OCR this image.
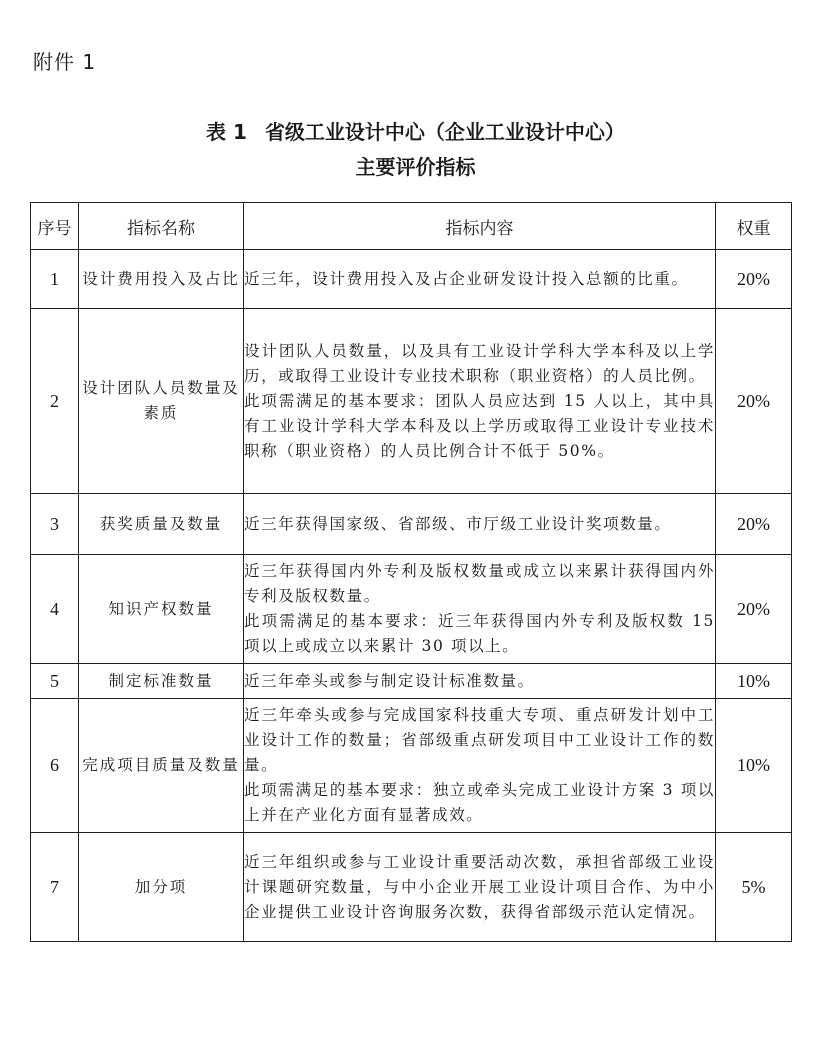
附件 1
表 1 省级工业设计中心（企业工业设计中心）
主要评价指标
序号	指标名称	指标内容	权重
1	设计费用投入及占比	近三年，设计费用投入及占企业研发设计投入总额的比重。	20%
2	设计团队人员数量及素质	设计团队人员数量，以及具有工业设计学科大学本科及以上学历，或取得工业设计专业技术职称（职业资格）的人员比例。
此项需满足的基本要求：团队人员应达到 15 人以上，其中具有工业设计学科大学本科及以上学历或取得工业设计专业技术职称（职业资格）的人员比例合计不低于 50%。	20%
3	获奖质量及数量	近三年获得国家级、省部级、市厅级工业设计奖项数量。	20%
4	知识产权数量	近三年获得国内外专利及版权数量或成立以来累计获得国内外专利及版权数量。
此项需满足的基本要求：近三年获得国内外专利及版权数 15 项以上或成立以来累计 30 项以上。	20%
5	制定标准数量	近三年牵头或参与制定设计标准数量。	10%
6	完成项目质量及数量	近三年牵头或参与完成国家科技重大专项、重点研发计划中工业设计工作的数量；省部级重点研发项目中工业设计工作的数量。
此项需满足的基本要求：独立或牵头完成工业设计方案 3 项以上并在产业化方面有显著成效。	10%
7	加分项	近三年组织或参与工业设计重要活动次数，承担省部级工业设计课题研究数量，与中小企业开展工业设计项目合作、为中小企业提供工业设计咨询服务次数，获得省部级示范认定情况。	5%
